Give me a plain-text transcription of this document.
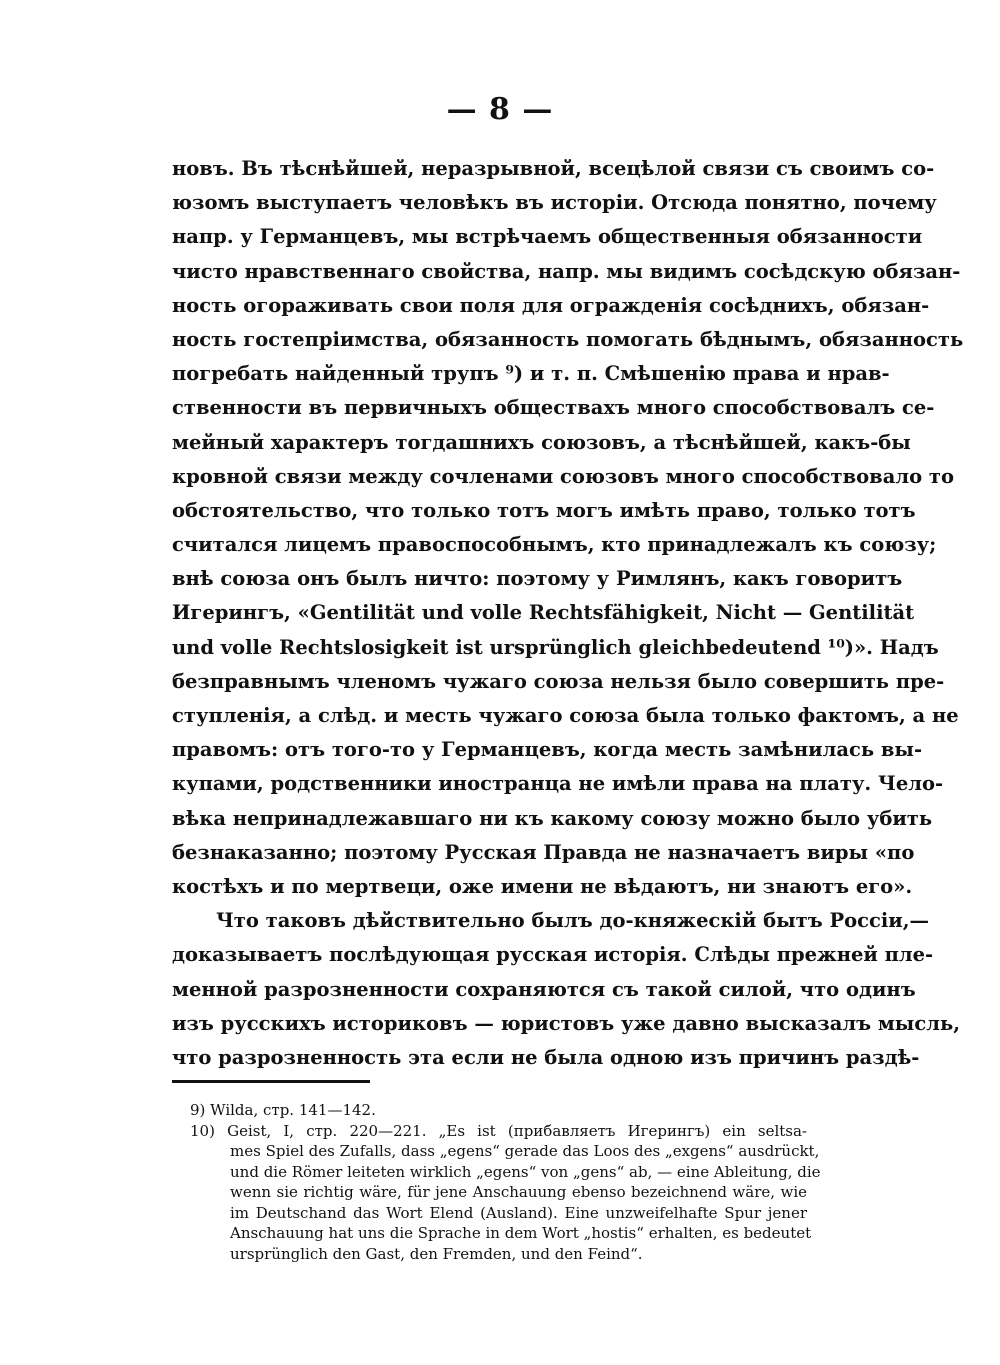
— 8 —
новъ. Въ тѣснѣйшей, неразрывной, всецѣлой связи съ своимъ со-
юзомъ выступаетъ человѣкъ въ исторіи. Отсюда понятно, почему
напр. у Германцевъ, мы встрѣчаемъ общественныя обязанности
чисто нравственнаго свойства, напр. мы видимъ сосѣдскую обязан-
ность огораживать свои поля для огражденія сосѣднихъ, обязан-
ность гостепріимства, обязанность помогать бѣднымъ, обязанность
погребать найденный трупъ ⁹) и т. п. Смѣшенію права и нрав-
ственности въ первичныхъ обществахъ много способствовалъ се-
мейный характеръ тогдашнихъ союзовъ, а тѣснѣйшей, какъ-бы
кровной связи между сочленами союзовъ много способствовало то
обстоятельство, что только тотъ могъ имѣть право, только тотъ
считался лицемъ правоспособнымъ, кто принадлежалъ къ союзу;
внѣ союза онъ былъ ничто: поэтому у Римлянъ, какъ говоритъ
Игерингъ, «Gentilität und volle Rechtsfähigkeit, Nicht — Gentilität
und volle Rechtslosigkeit ist ursprünglich gleichbedeutend ¹⁰)». Надъ
безправнымъ членомъ чужаго союза нельзя было совершить пре-
ступленія, а слѣд. и месть чужаго союза была только фактомъ, а не
правомъ: отъ того-то у Германцевъ, когда месть замѣнилась вы-
купами, родственники иностранца не имѣли права на плату. Чело-
вѣка непринадлежавшаго ни къ какому союзу можно было убить
безнаказанно; поэтому Русская Правда не назначаетъ виры «по
костѣхъ и по мертвеци, оже имени не вѣдаютъ, ни знаютъ его».
Что таковъ дѣйствительно былъ до-княжескій бытъ Россіи,—
доказываетъ послѣдующая русская исторія. Слѣды прежней пле-
менной разрозненности сохраняются съ такой силой, что одинъ
изъ русскихъ историковъ — юристовъ уже давно высказалъ мысль,
что разрозненность эта если не была одною изъ причинъ раздѣ-
9) Wilda, стр. 141—142.
10) Geist, I, стр. 220—221. „Es ist (прибавляетъ Игерингъ) ein seltsa-
mes Spiel des Zufalls, dass „egens“ gerade das Loos des „exgens“ ausdrückt,
und die Römer leiteten wirklich „egens“ von „gens“ ab, — eine Ableitung, die
wenn sie richtig wäre, für jene Anschauung ebenso bezeichnend wäre, wie
im Deutschand das Wort Elend (Ausland). Eine unzweifelhafte Spur jener
Anschauung hat uns die Sprache in dem Wort „hostis“ erhalten, es bedeutet
ursprünglich den Gast, den Fremden, und den Feind“.
